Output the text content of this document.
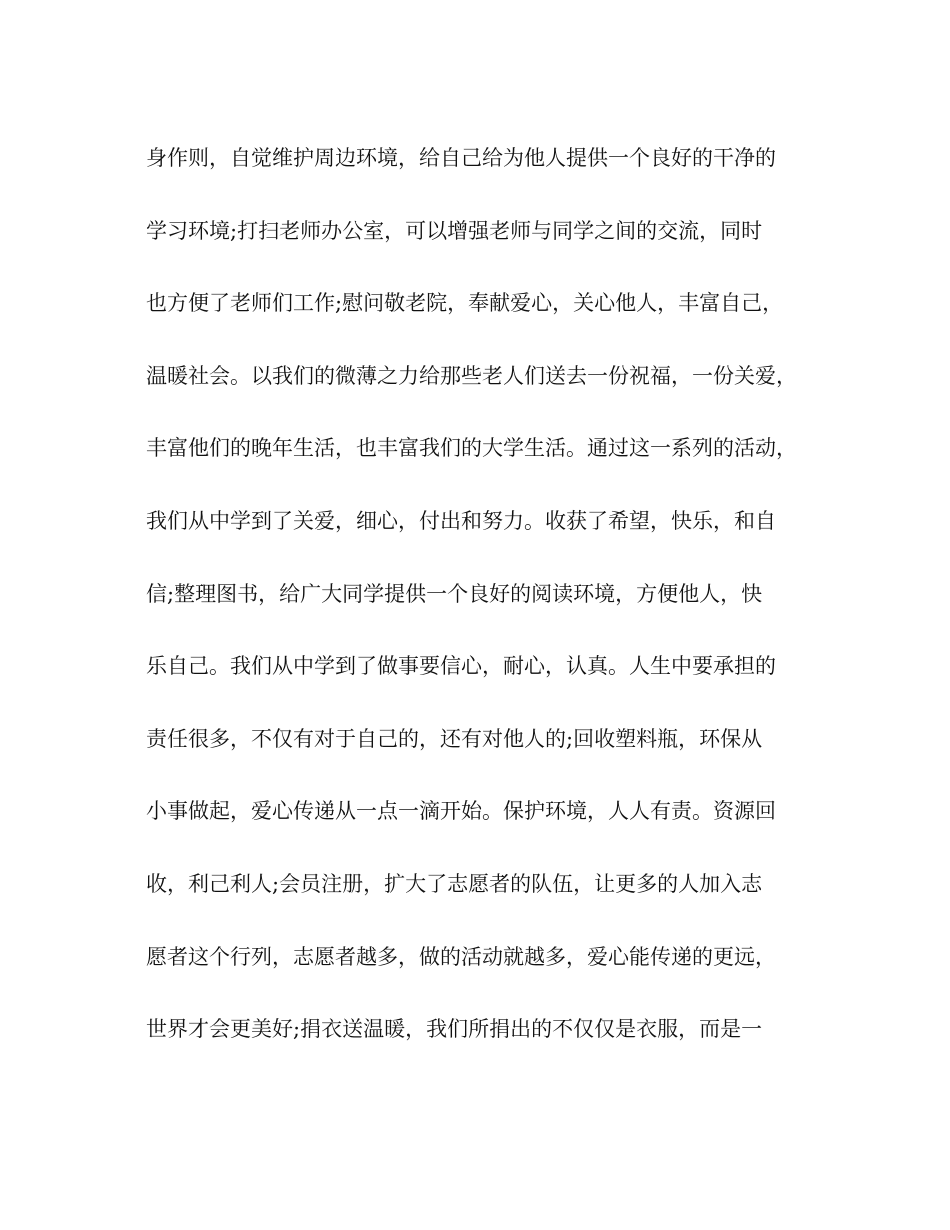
身作则，自觉维护周边环境，给自己给为他人提供一个良好的干净的
学习环境;打扫老师办公室，可以增强老师与同学之间的交流，同时
也方便了老师们工作;慰问敬老院，奉献爱心，关心他人，丰富自己，
温暖社会。以我们的微薄之力给那些老人们送去一份祝福，一份关爱，
丰富他们的晚年生活，也丰富我们的大学生活。通过这一系列的活动，
我们从中学到了关爱，细心，付出和努力。收获了希望，快乐，和自
信;整理图书，给广大同学提供一个良好的阅读环境，方便他人，快
乐自己。我们从中学到了做事要信心，耐心，认真。人生中要承担的
责任很多，不仅有对于自己的，还有对他人的;回收塑料瓶，环保从
小事做起，爱心传递从一点一滴开始。保护环境，人人有责。资源回
收，利己利人;会员注册，扩大了志愿者的队伍，让更多的人加入志
愿者这个行列，志愿者越多，做的活动就越多，爱心能传递的更远，
世界才会更美好;捐衣送温暖，我们所捐出的不仅仅是衣服，而是一
